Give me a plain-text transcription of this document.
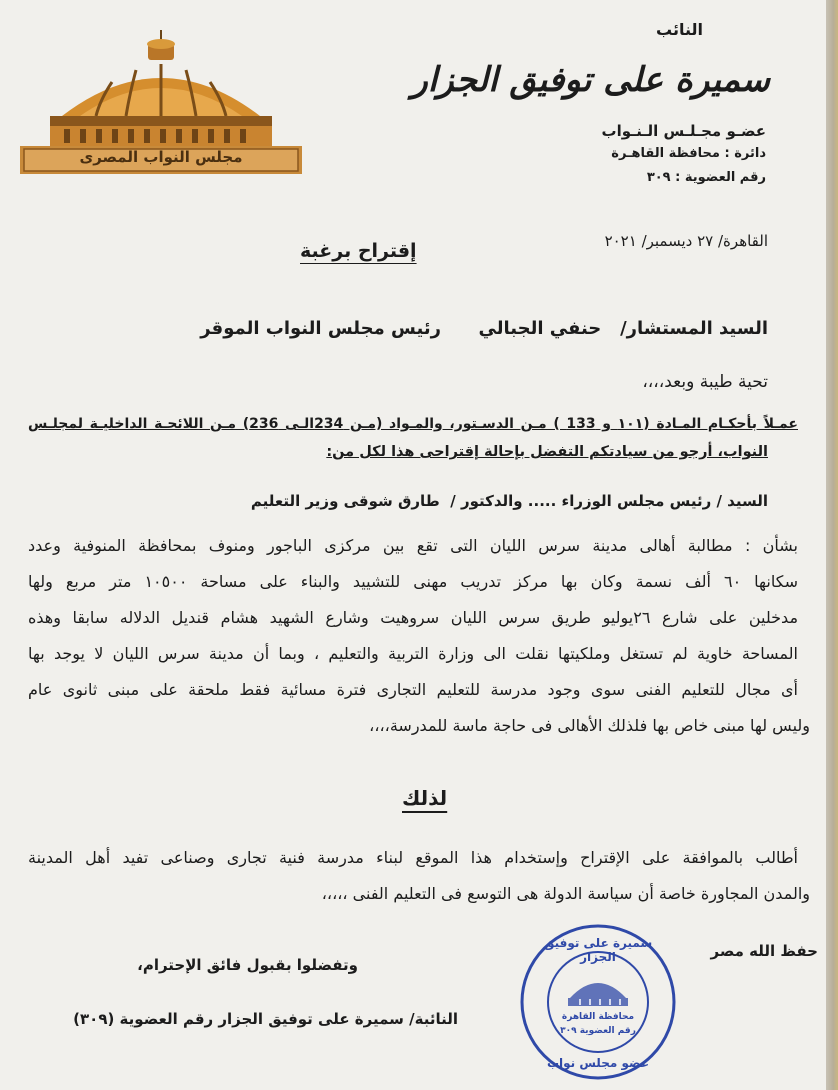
مجلس النواب المصرى
النائب
سميرة على توفيق الجزار
عضـو مجـلـس الـنـواب
دائرة : محافظة القاهـرة
رقم العضوية : ٣٠٩
القاهرة/ ٢٧ ديسمبر/ ٢٠٢١
إقتراح برغبة
السيد المستشار/   حنفي الجبالي      رئيس مجلس النواب الموقر
تحية طيبة وبعد،،،،
عمـلاً بأحكـام المـادة (١٠١ و 133 ) مـن الدسـتور، والمـواد (مـن 234الـى 236) مـن اللائحـة الداخليـة لمجلـس
النواب، أرجو من سيادتكم التفضل بإحالة إقتراحى هذا لكل من:
السيد / رئيس مجلس الوزراء ..... والدكتور /  طارق شوقى وزير التعليم
بشأن : مطالبة أهالى مدينة سرس الليان التى تقع بين مركزى الباجور ومنوف بمحافظة المنوفية وعدد
سكانها ٦٠ ألف نسمة وكان بها مركز تدريب مهنى للتشييد والبناء على مساحة ١٠٥٠٠ متر مربع ولها
مدخلين على شارع ٢٦يوليو طريق سرس الليان سروهيت وشارع الشهيد هشام قنديل الدلاله سابقا وهذه
المساحة خاوية لم تستغل وملكيتها نقلت الى وزارة التربية والتعليم ، وبما أن مدينة سرس الليان لا يوجد بها
أى مجال للتعليم الفنى سوى وجود مدرسة للتعليم التجارى فترة مسائية فقط ملحقة على مبنى ثانوى عام
وليس لها مبنى خاص بها فلذلك الأهالى فى حاجة ماسة للمدرسة،،،،
لذلك
أطالب بالموافقة على الإقتراح وإستخدام هذا الموقع لبناء مدرسة فنية تجارى وصناعى تفيد أهل المدينة
والمدن المجاورة خاصة أن سياسة الدولة هى التوسع فى التعليم الفنى ،،،،،
وتفضلوا بقبول فائق الإحترام،
النائبة/ سميرة على توفيق الجزار رقم العضوية (٣٠٩)
حفظ الله مصر
سميرة على توفيق الجزار
محافظة القاهرة
رقم العضوية ٣٠٩
عضو مجلس نواب
